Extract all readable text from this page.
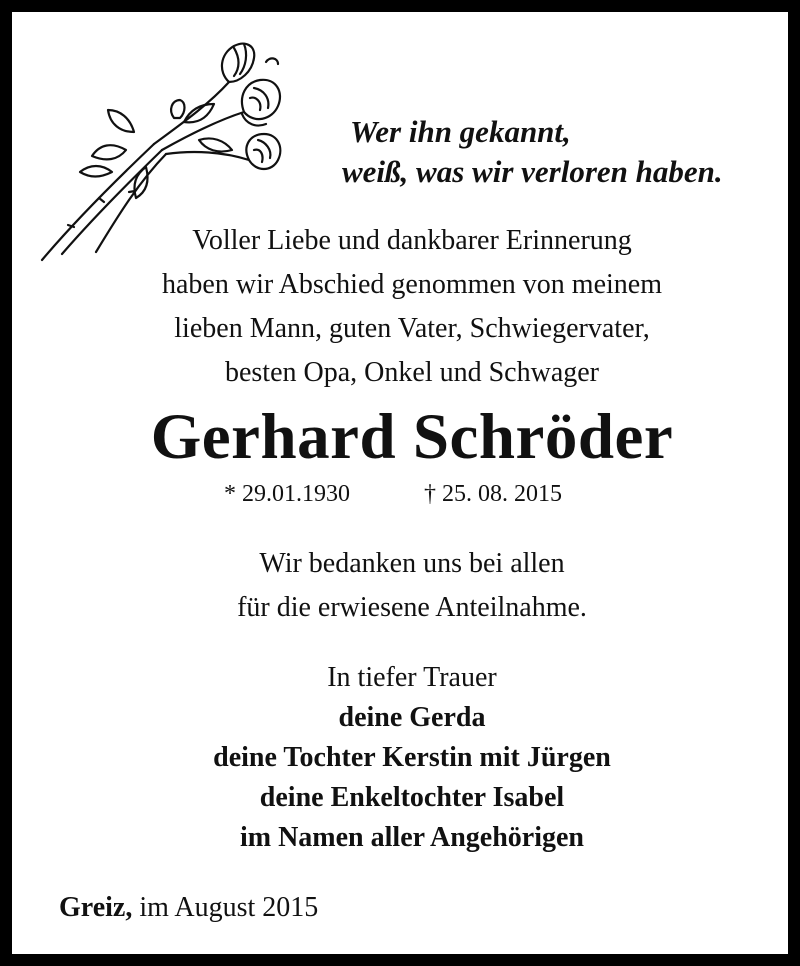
Wer ihn gekannt,
weiß, was wir verloren haben.
Voller Liebe und dankbarer Erinnerung
haben wir Abschied genommen von meinem
lieben Mann, guten Vater, Schwiegervater,
besten Opa, Onkel und Schwager
Gerhard Schröder
* 29.01.1930	† 25. 08. 2015
Wir bedanken uns bei allen
für die erwiesene Anteilnahme.
In tiefer Trauer
deine Gerda
deine Tochter Kerstin mit Jürgen
deine Enkeltochter Isabel
im Namen aller Angehörigen
Greiz, im August 2015
